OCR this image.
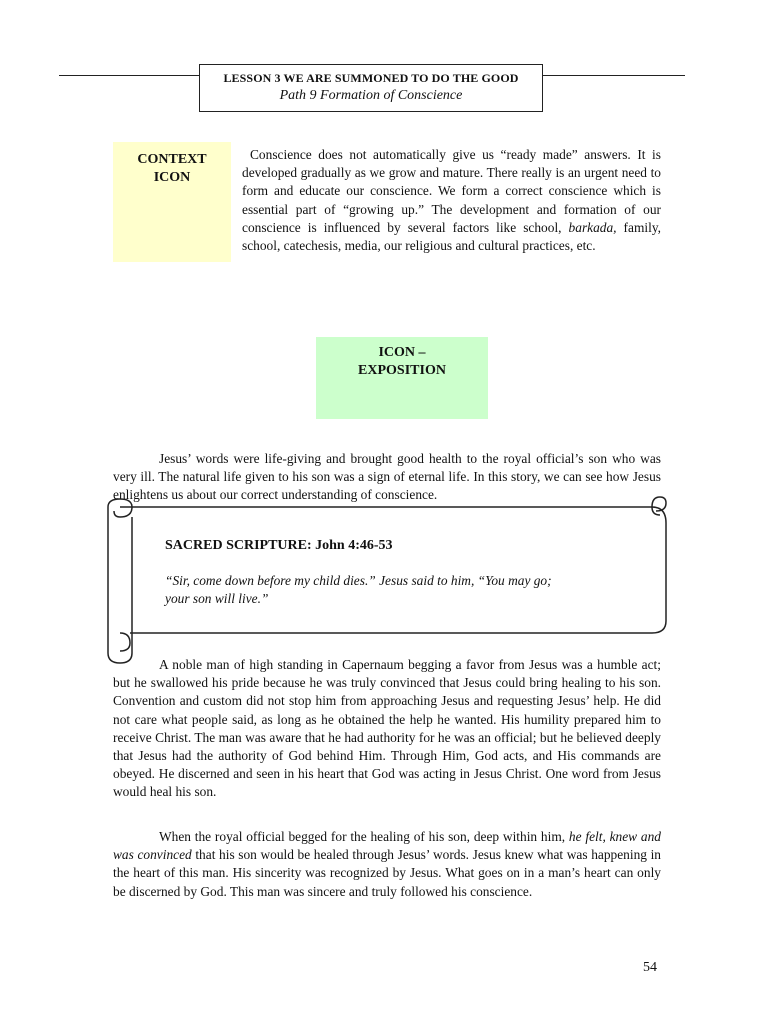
LESSON 3 WE ARE SUMMONED TO DO THE GOOD
Path 9 Formation of Conscience
CONTEXT
ICON
Conscience does not automatically give us “ready made” answers. It is developed gradually as we grow and mature. There really is an urgent need to form and educate our conscience. We form a correct conscience which is essential part of “growing up.” The development and formation of our conscience is influenced by several factors like school, barkada, family, school, catechesis, media, our religious and cultural practices, etc.
ICON –
EXPOSITION
Jesus’ words were life-giving and brought good health to the royal official’s son who was very ill. The natural life given to his son was a sign of eternal life. In this story, we can see how Jesus enlightens us about our correct understanding of conscience.
SACRED SCRIPTURE: John 4:46-53
“Sir, come down before my child dies.” Jesus said to him, “You may go;
your son will live.”
A noble man of high standing in Capernaum begging a favor from Jesus was a humble act; but he swallowed his pride because he was truly convinced that Jesus could bring healing to his son. Convention and custom did not stop him from approaching Jesus and requesting Jesus’ help. He did not care what people said, as long as he obtained the help he wanted. His humility prepared him to receive Christ. The man was aware that he had authority for he was an official; but he believed deeply that Jesus had the authority of God behind Him. Through Him, God acts, and His commands are obeyed. He discerned and seen in his heart that God was acting in Jesus Christ. One word from Jesus would heal his son.
When the royal official begged for the healing of his son, deep within him, he felt, knew and was convinced that his son would be healed through Jesus’ words. Jesus knew what was happening in the heart of this man. His sincerity was recognized by Jesus. What goes on in a man’s heart can only be discerned by God. This man was sincere and truly followed his conscience.
54
